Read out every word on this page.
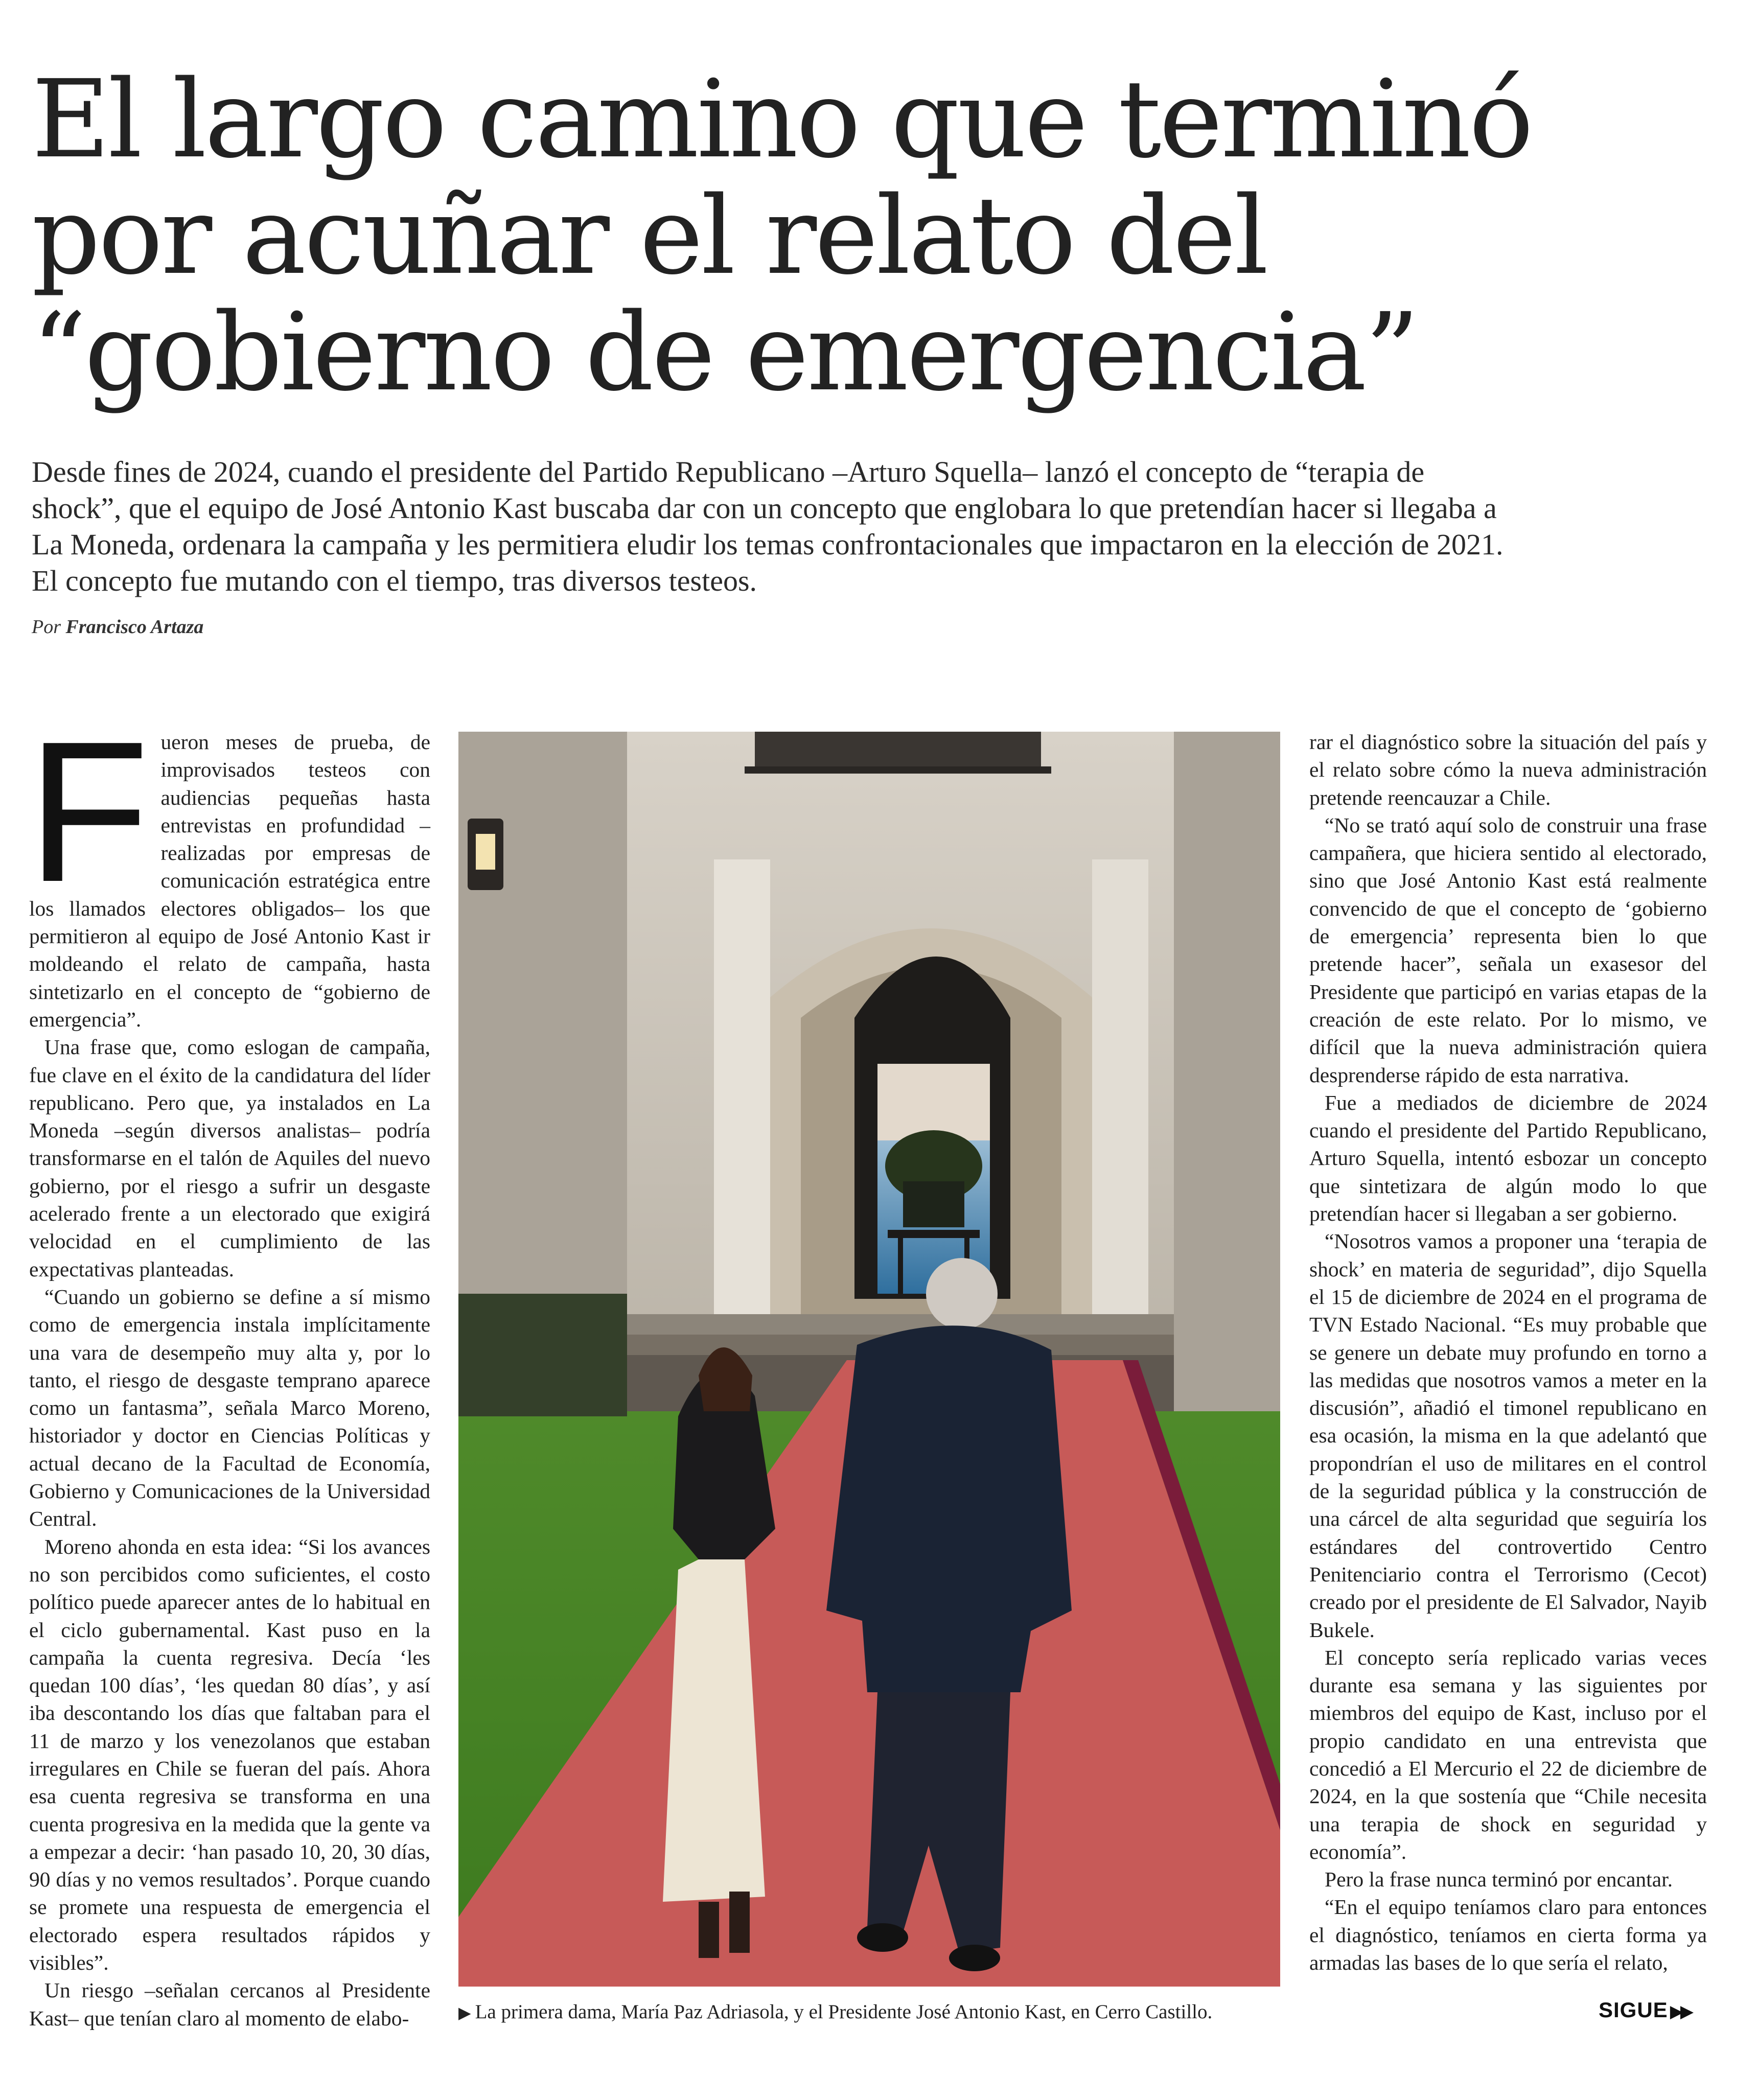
El largo camino que terminó por acuñar el relato del “gobierno de emergencia”

Desde fines de 2024, cuando el presidente del Partido Republicano –Arturo Squella– lanzó el concepto de “terapia de shock”, que el equipo de José Antonio Kast buscaba dar con un concepto que englobara lo que pretendían hacer si llegaba a La Moneda, ordenara la campaña y les permitiera eludir los temas confrontacionales que impactaron en la elección de 2021. El concepto fue mutando con el tiempo, tras diversos testeos.

Por Francisco Artaza

Fueron meses de prueba, de improvisados testeos con audiencias pequeñas hasta entrevistas en profundidad –realizadas por empresas de comunicación estratégica entre los llamados electores obligados– los que permitieron al equipo de José Antonio Kast ir moldeando el relato de campaña, hasta sintetizarlo en el concepto de “gobierno de emergencia”.

Una frase que, como eslogan de campaña, fue clave en el éxito de la candidatura del líder republicano. Pero que, ya instalados en La Moneda –según diversos analistas– podría transformarse en el talón de Aquiles del nuevo gobierno, por el riesgo a sufrir un desgaste acelerado frente a un electorado que exigirá velocidad en el cumplimiento de las expectativas planteadas.

“Cuando un gobierno se define a sí mismo como de emergencia instala implícitamente una vara de desempeño muy alta y, por lo tanto, el riesgo de desgaste temprano aparece como un fantasma”, señala Marco Moreno, historiador y doctor en Ciencias Políticas y actual decano de la Facultad de Economía, Gobierno y Comunicaciones de la Universidad Central.

Moreno ahonda en esta idea: “Si los avances no son percibidos como suficientes, el costo político puede aparecer antes de lo habitual en el ciclo gubernamental. Kast puso en la campaña la cuenta regresiva. Decía ‘les quedan 100 días’, ‘les quedan 80 días’, y así iba descontando los días que faltaban para el 11 de marzo y los venezolanos que estaban irregulares en Chile se fueran del país. Ahora esa cuenta regresiva se transforma en una cuenta progresiva en la medida que la gente va a empezar a decir: ‘han pasado 10, 20, 30 días, 90 días y no vemos resultados’. Porque cuando se promete una respuesta de emergencia el electorado espera resultados rápidos y visibles”.

Un riesgo –señalan cercanos al Presidente Kast– que tenían claro al momento de elabo-	▶ La primera dama, María Paz Adriasola, y el Presidente José Antonio Kast, en Cerro Castillo.

rar el diagnóstico sobre la situación del país y el relato sobre cómo la nueva administración pretende reencauzar a Chile.

“No se trató aquí solo de construir una frase campañera, que hiciera sentido al electorado, sino que José Antonio Kast está realmente convencido de que el concepto de ‘gobierno de emergencia’ representa bien lo que pretende hacer”, señala un exasesor del Presidente que participó en varias etapas de la creación de este relato. Por lo mismo, ve difícil que la nueva administración quiera desprenderse rápido de esta narrativa.

Fue a mediados de diciembre de 2024 cuando el presidente del Partido Republicano, Arturo Squella, intentó esbozar un concepto que sintetizara de algún modo lo que pretendían hacer si llegaban a ser gobierno.

“Nosotros vamos a proponer una ‘terapia de shock’ en materia de seguridad”, dijo Squella el 15 de diciembre de 2024 en el programa de TVN Estado Nacional. “Es muy probable que se genere un debate muy profundo en torno a las medidas que nosotros vamos a meter en la discusión”, añadió el timonel republicano en esa ocasión, la misma en la que adelantó que propondrían el uso de militares en el control de la seguridad pública y la construcción de una cárcel de alta seguridad que seguiría los estándares del controvertido Centro Penitenciario contra el Terrorismo (Cecot) creado por el presidente de El Salvador, Nayib Bukele.

El concepto sería replicado varias veces durante esa semana y las siguientes por miembros del equipo de Kast, incluso por el propio candidato en una entrevista que concedió a El Mercurio el 22 de diciembre de 2024, en la que sostenía que “Chile necesita una terapia de shock en seguridad y economía”.

Pero la frase nunca terminó por encantar.

“En el equipo teníamos claro para entonces el diagnóstico, teníamos en cierta forma ya armadas las bases de lo que sería el relato,

SIGUE ▶▶
